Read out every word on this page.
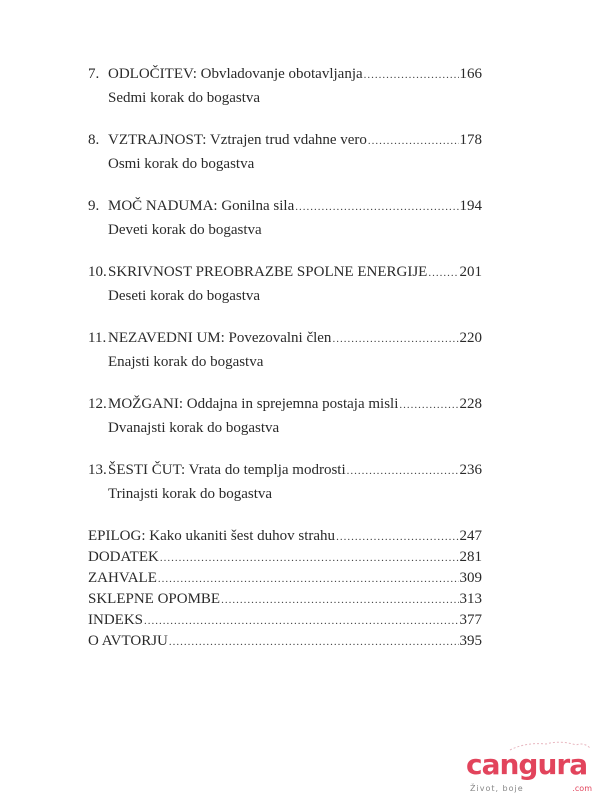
7. ODLOČITEV: Obvladovanje obotavljanja .....	166
Sedmi korak do bogastva
8. VZTRAJNOST: Vztrajen trud vdahne vero .....	178
Osmi korak do bogastva
9. MOČ NADUMA: Gonilna sila .....	194
Deveti korak do bogastva
10. SKRIVNOST PREOBRAZBE SPOLNE ENERGIJE ..... 201
Deseti korak do bogastva
11. NEZAVEDNI UM: Povezovalni člen .....	220
Enajsti korak do bogastva
12. MOŽGANI: Oddajna in sprejemna postaja misli .....	228
Dvanajsti korak do bogastva
13. ŠESTI ČUT: Vrata do templja modrosti .....	236
Trinajsti korak do bogastva
EPILOG: Kako ukaniti šest duhov strahu .....	247
DODATEK .....	281
ZAHVALE .....	309
SKLEPNE OPOMBE .....	313
INDEKS .....	377
O AVTORJU .....	395
cangura
Život, boje	.com
